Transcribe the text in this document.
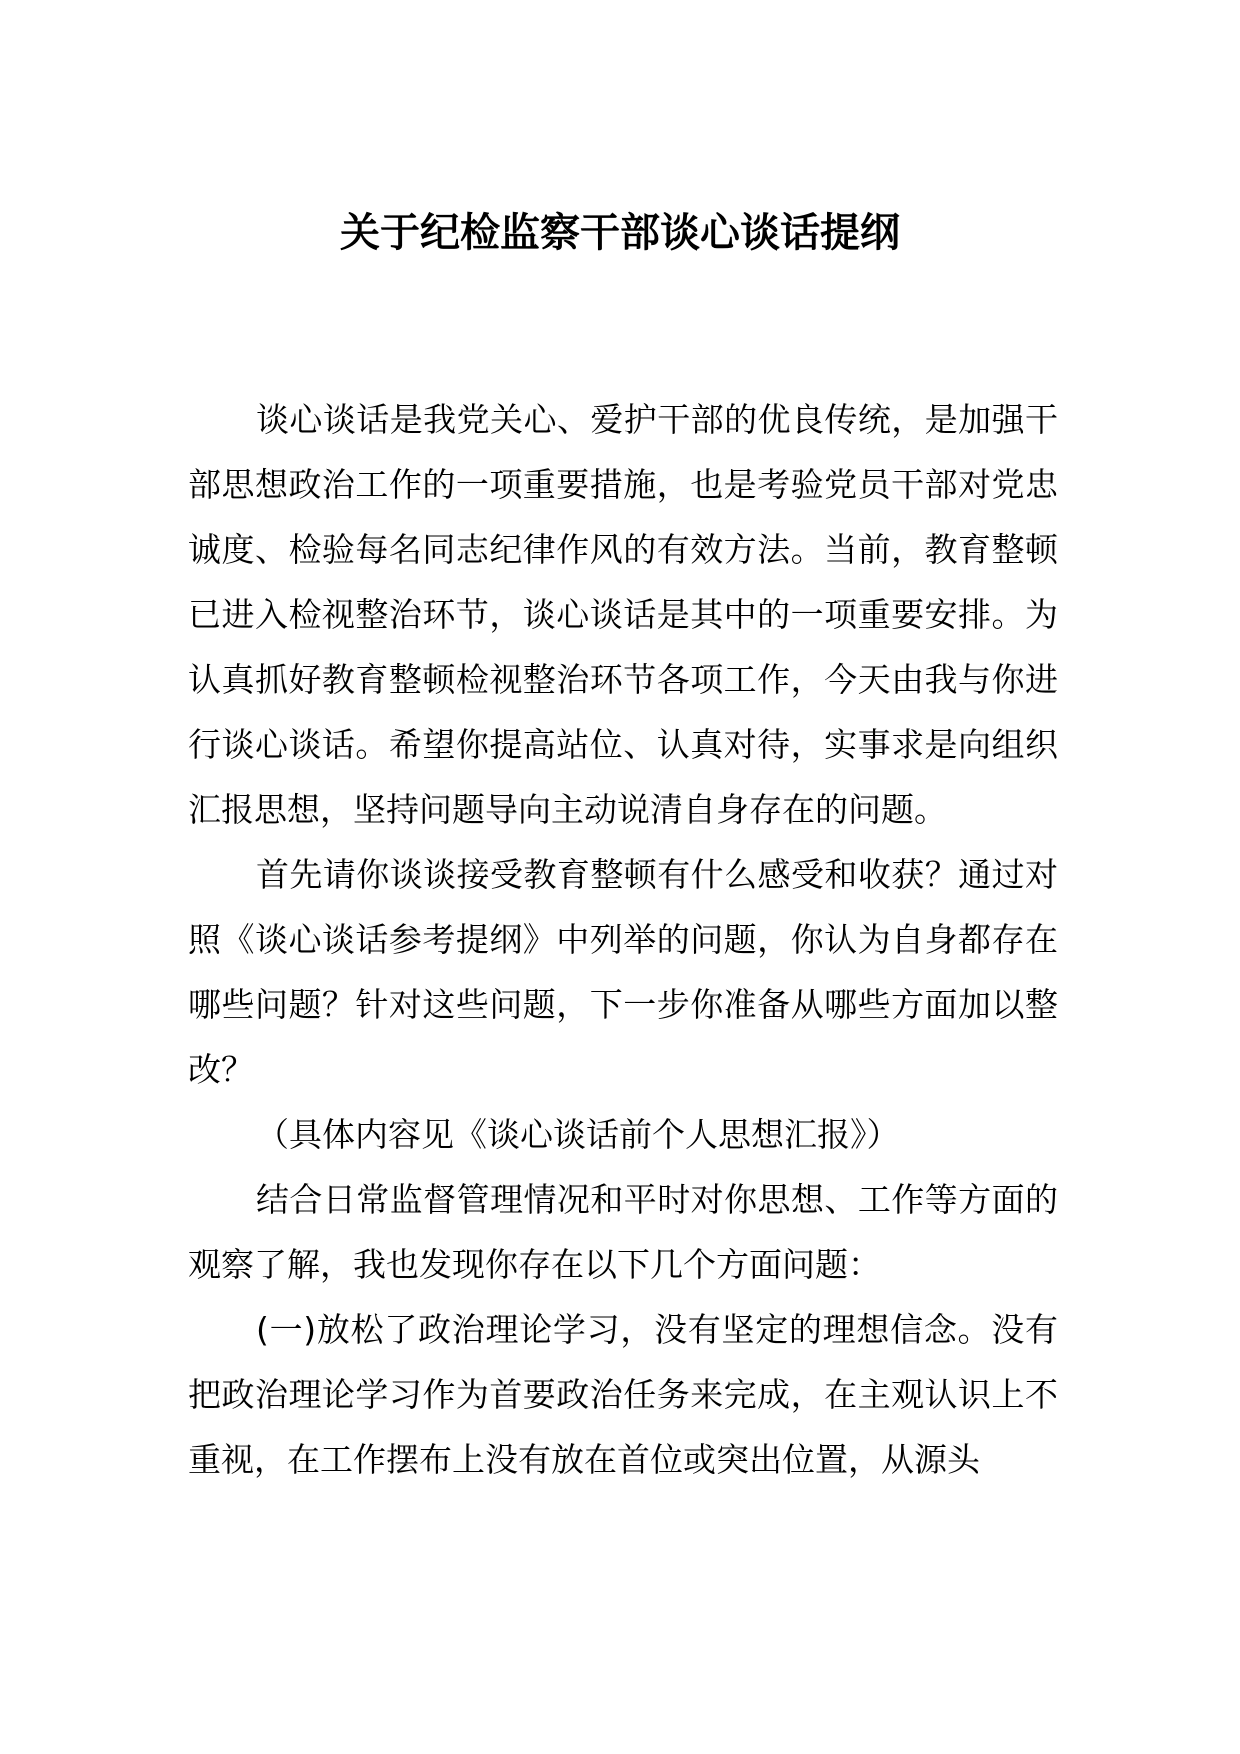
关于纪检监察干部谈心谈话提纲

谈心谈话是我党关心、爱护干部的优良传统，是加强干部思想政治工作的一项重要措施，也是考验党员干部对党忠诚度、检验每名同志纪律作风的有效方法。当前，教育整顿已进入检视整治环节，谈心谈话是其中的一项重要安排。为认真抓好教育整顿检视整治环节各项工作，今天由我与你进行谈心谈话。希望你提高站位、认真对待，实事求是向组织汇报思想，坚持问题导向主动说清自身存在的问题。

首先请你谈谈接受教育整顿有什么感受和收获？通过对照《谈心谈话参考提纲》中列举的问题，你认为自身都存在哪些问题？针对这些问题，下一步你准备从哪些方面加以整改？

（具体内容见《谈心谈话前个人思想汇报》）

结合日常监督管理情况和平时对你思想、工作等方面的观察了解，我也发现你存在以下几个方面问题：

(一)放松了政治理论学习，没有坚定的理想信念。没有把政治理论学习作为首要政治任务来完成，在主观认识上不重视，在工作摆布上没有放在首位或突出位置，从源头
